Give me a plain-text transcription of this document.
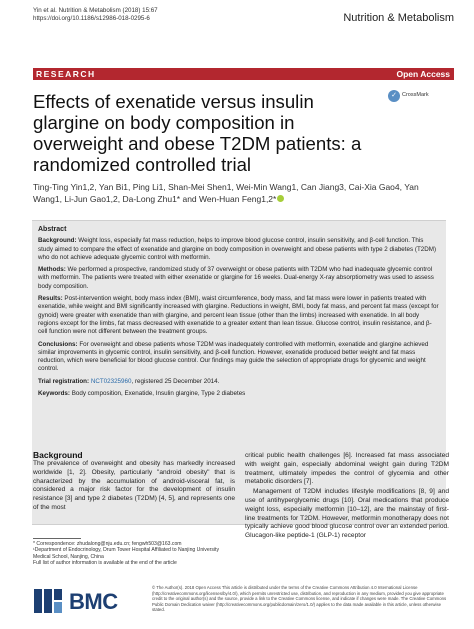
Yin et al. Nutrition & Metabolism (2018) 15:67
https://doi.org/10.1186/s12986-018-0295-6	Nutrition & Metabolism
RESEARCH	Open Access
Effects of exenatide versus insulin glargine on body composition in overweight and obese T2DM patients: a randomized controlled trial
✓ CrossMark
Ting-Ting Yin1,2, Yan Bi1, Ping Li1, Shan-Mei Shen1, Wei-Min Wang1, Can Jiang3, Cai-Xia Gao4, Yan Wang1, Li-Jun Gao1,2, Da-Long Zhu1* and Wen-Huan Feng1,2*
Abstract

Background: Weight loss, especially fat mass reduction, helps to improve blood glucose control, insulin sensitivity, and β-cell function. This study aimed to compare the effect of exenatide and glargine on body composition in overweight and obese patients with type 2 diabetes (T2DM) who do not achieve adequate glycemic control with metformin.

Methods: We performed a prospective, randomized study of 37 overweight or obese patients with T2DM who had inadequate glycemic control with metformin. The patients were treated with either exenatide or glargine for 16 weeks. Dual-energy X-ray absorptiometry was used to assess body composition.

Results: Post-intervention weight, body mass index (BMI), waist circumference, body mass, and fat mass were lower in patients treated with exenatide, while weight and BMI significantly increased with glargine. Reductions in weight, BMI, body fat mass, and percent fat mass (except for gynoid) were greater with exenatide than with glargine, and percent lean tissue (other than the limbs) increased with exenatide. In all body regions except for the limbs, fat mass decreased with exenatide to a greater extent than lean tissue. Glucose control, insulin resistance, and β-cell function were not different between the treatment groups.

Conclusions: For overweight and obese patients whose T2DM was inadequately controlled with metformin, exenatide and glargine achieved similar improvements in glycemic control, insulin sensitivity, and β-cell function. However, exenatide produced better weight and fat mass reduction, which were beneficial for blood glucose control. Our findings may guide the selection of appropriate drugs for glycemic and weight control.

Trial registration: NCT02325960, registered 25 December 2014.

Keywords: Body composition, Exenatide, Insulin glargine, Type 2 diabetes

Background

The prevalence of overweight and obesity has markedly increased worldwide [1, 2]. Obesity, particularly "android obesity" that is characterized by the accumulation of android-visceral fat, is considered a major risk factor for the development of insulin resistance [3] and type 2 diabetes (T2DM) [4, 5], and represents one of the most

critical public health challenges [6]. Increased fat mass associated with weight gain, especially abdominal weight gain during T2DM treatment, ultimately impedes the control of glycemia and other metabolic disorders [7].

Management of T2DM includes lifestyle modifications [8, 9] and use of antihyperglycemic drugs [10]. Oral medications that produce weight loss, especially metformin [10–12], are the mainstay of first-line treatments for T2DM. However, metformin monotherapy does not typically achieve good blood glucose control over an extended period. Glucagon-like peptide-1 (GLP-1) receptor

* Correspondence: zhudalong@nju.edu.cn; fengwh503@163.com
¹Department of Endocrinology, Drum Tower Hospital Affiliated to Nanjing University Medical School, Nanjing, China
Full list of author information is available at the end of the article
BMC
© The Author(s). 2018 Open Access This article is distributed under the terms of the Creative Commons Attribution 4.0 International License (http://creativecommons.org/licenses/by/4.0/), which permits unrestricted use, distribution, and reproduction in any medium, provided you give appropriate credit to the original author(s) and the source, provide a link to the Creative Commons license, and indicate if changes were made. The Creative Commons Public Domain Dedication waiver (http://creativecommons.org/publicdomain/zero/1.0/) applies to the data made available in this article, unless otherwise stated.
